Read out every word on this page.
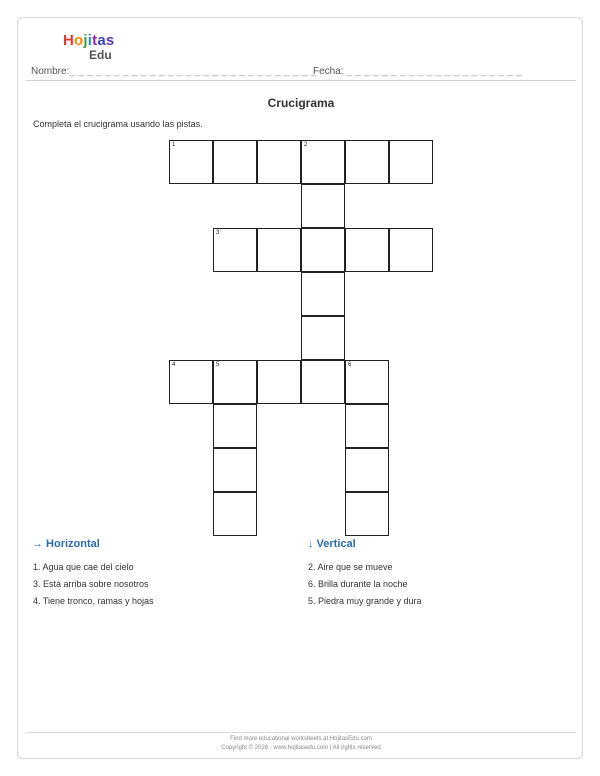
Hojitas
Edu
Nombre:_ _ _ _ _ _ _ _ _ _ _ _ _ _ _ _ _ _ _ _ _ _ _ _ _ _ _ _
Fecha: _ _ _ _ _ _ _ _ _ _ _ _ _ _ _ _ _ _ _ _
Crucigrama
Completa el crucigrama usando las pistas.
1	2
3
4	5	6
→ Horizontal	↓ Vertical
1. Agua que cae del cielo
3. Está arriba sobre nosotros
4. Tiene tronco, ramas y hojas
2. Aire que se mueve
6. Brilla durante la noche
5. Piedra muy grande y dura
Find more educational worksheets at HojitasEdu.com
Copyright © 2026 · www.hojitasedu.com | All rights reserved
